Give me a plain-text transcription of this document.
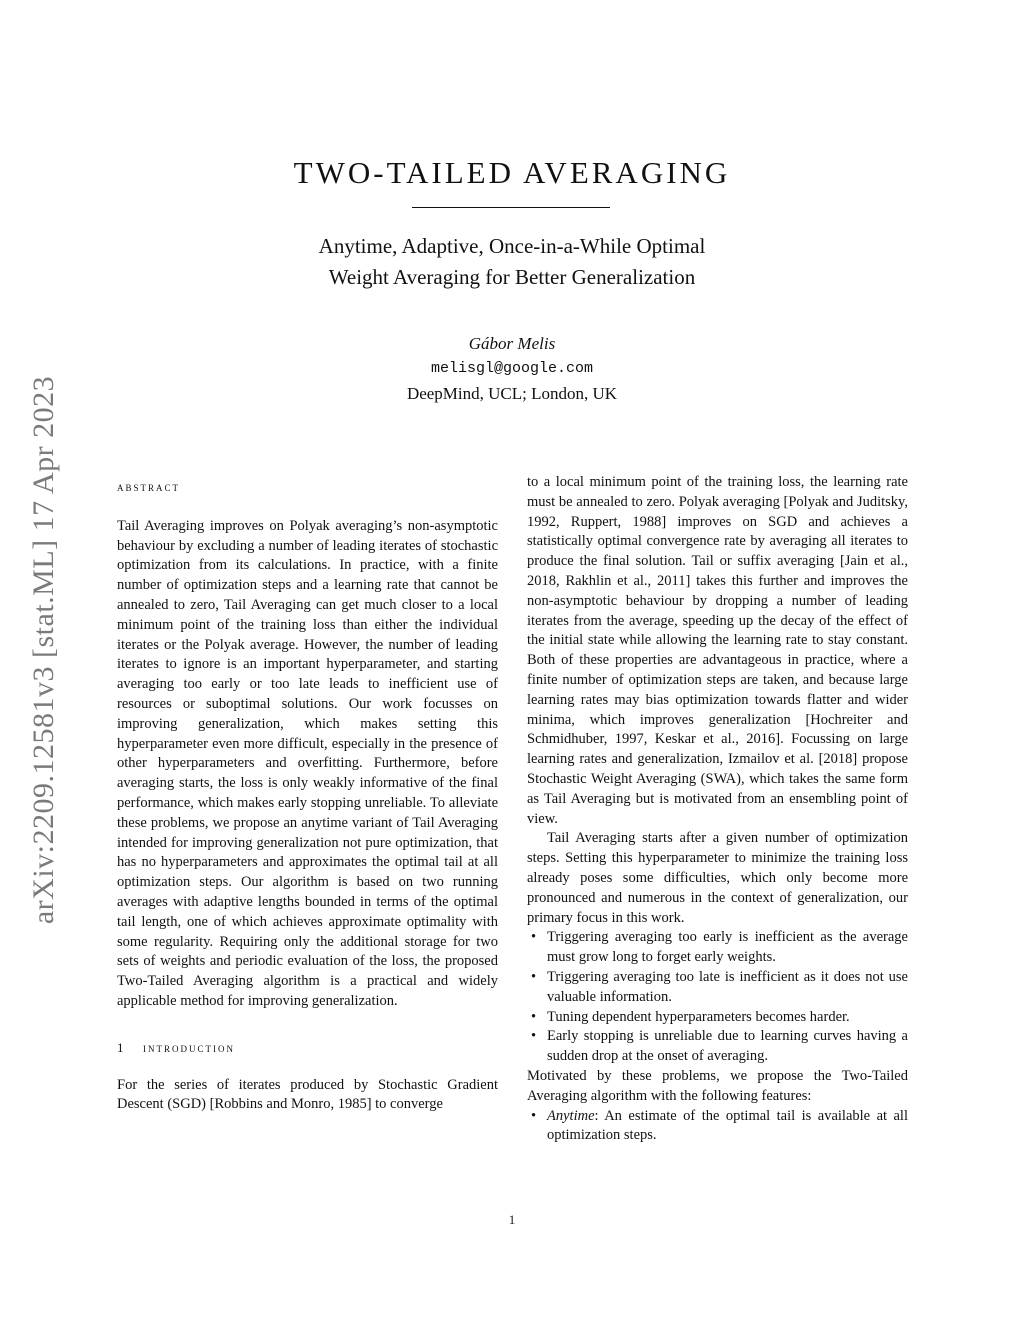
arXiv:2209.12581v3 [stat.ML] 17 Apr 2023
TWO-TAILED AVERAGING
Anytime, Adaptive, Once-in-a-While Optimal
Weight Averaging for Better Generalization
Gábor Melis
melisgl@google.com
DeepMind, UCL; London, UK
abstract

Tail Averaging improves on Polyak averaging’s non-asymptotic behaviour by excluding a number of leading iterates of stochastic optimization from its calculations. In practice, with a finite number of optimization steps and a learning rate that cannot be annealed to zero, Tail Averaging can get much closer to a local minimum point of the training loss than either the individual iterates or the Polyak average. However, the number of leading iterates to ignore is an important hyperparameter, and starting averaging too early or too late leads to inefficient use of resources or suboptimal solutions. Our work focusses on improving generalization, which makes setting this hyperparameter even more difficult, especially in the presence of other hyperparameters and overfitting. Furthermore, before averaging starts, the loss is only weakly informative of the final performance, which makes early stopping unreliable. To alleviate these problems, we propose an anytime variant of Tail Averaging intended for improving generalization not pure optimization, that has no hyperparameters and approximates the optimal tail at all optimization steps. Our algorithm is based on two running averages with adaptive lengths bounded in terms of the optimal tail length, one of which achieves approximate optimality with some regularity. Requiring only the additional storage for two sets of weights and periodic evaluation of the loss, the proposed Two-Tailed Averaging algorithm is a practical and widely applicable method for improving generalization.

1 introduction

For the series of iterates produced by Stochastic Gradient Descent (SGD) [Robbins and Monro, 1985] to converge

to a local minimum point of the training loss, the learning rate must be annealed to zero. Polyak averaging [Polyak and Juditsky, 1992, Ruppert, 1988] improves on SGD and achieves a statistically optimal convergence rate by averaging all iterates to produce the final solution. Tail or suffix averaging [Jain et al., 2018, Rakhlin et al., 2011] takes this further and improves the non-asymptotic behaviour by dropping a number of leading iterates from the average, speeding up the decay of the effect of the initial state while allowing the learning rate to stay constant. Both of these properties are advantageous in practice, where a finite number of optimization steps are taken, and because large learning rates may bias optimization towards flatter and wider minima, which improves generalization [Hochreiter and Schmidhuber, 1997, Keskar et al., 2016]. Focussing on large learning rates and generalization, Izmailov et al. [2018] propose Stochastic Weight Averaging (SWA), which takes the same form as Tail Averaging but is motivated from an ensembling point of view.

Tail Averaging starts after a given number of optimization steps. Setting this hyperparameter to minimize the training loss already poses some difficulties, which only become more pronounced and numerous in the context of generalization, our primary focus in this work.

• Triggering averaging too early is inefficient as the average must grow long to forget early weights.
• Triggering averaging too late is inefficient as it does not use valuable information.
• Tuning dependent hyperparameters becomes harder.
• Early stopping is unreliable due to learning curves having a sudden drop at the onset of averaging.

Motivated by these problems, we propose the Two-Tailed Averaging algorithm with the following features:

• Anytime: An estimate of the optimal tail is available at all optimization steps.
1
